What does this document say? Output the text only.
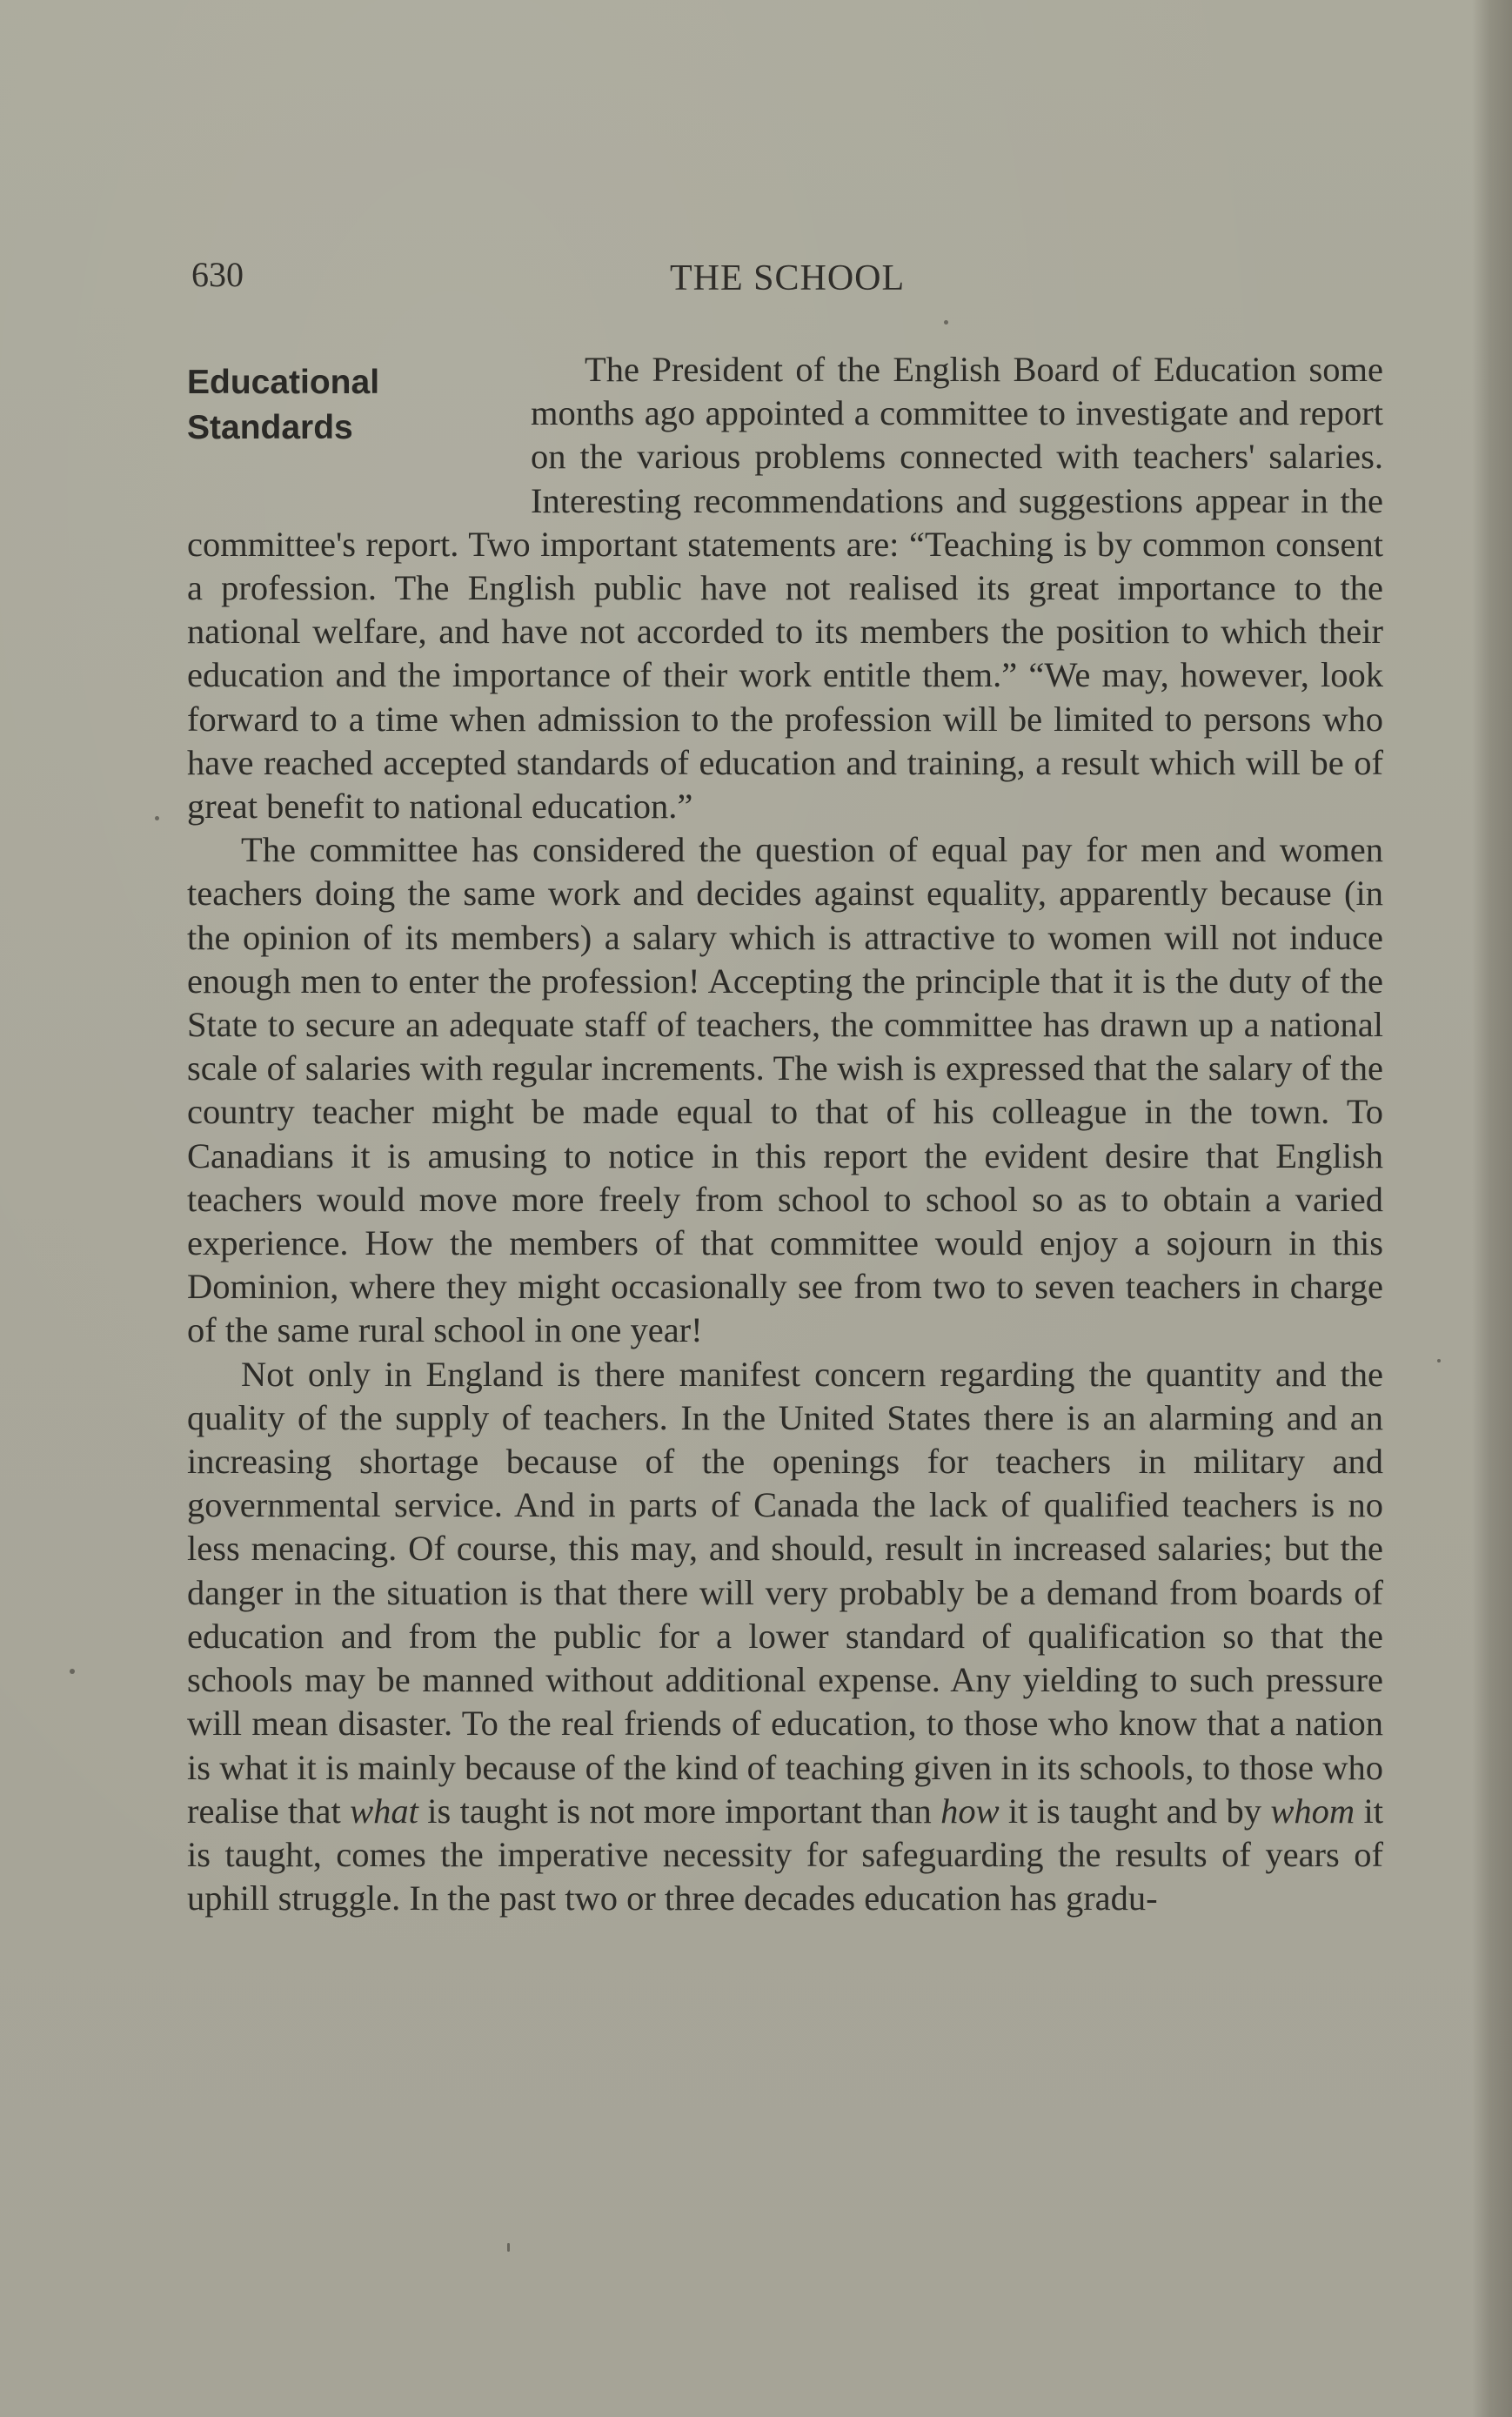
630	THE SCHOOL
Educational
Standards

The President of the English Board of Education some months ago appointed a committee to investigate and report on the various problems connected with teachers' salaries. Interesting recommendations and suggestions appear in the committee's report. Two important statements are: “Teaching is by common consent a profession. The English public have not realised its great importance to the national welfare, and have not accorded to its members the position to which their education and the importance of their work entitle them.” “We may, however, look forward to a time when admission to the profession will be limited to persons who have reached accepted standards of education and training, a result which will be of great benefit to national education.”

The committee has considered the question of equal pay for men and women teachers doing the same work and decides against equality, apparently because (in the opinion of its members) a salary which is attractive to women will not induce enough men to enter the profession! Accepting the principle that it is the duty of the State to secure an adequate staff of teachers, the committee has drawn up a national scale of salaries with regular increments. The wish is expressed that the salary of the country teacher might be made equal to that of his colleague in the town. To Canadians it is amusing to notice in this report the evident desire that English teachers would move more freely from school to school so as to obtain a varied experience. How the members of that committee would enjoy a sojourn in this Dominion, where they might occasionally see from two to seven teachers in charge of the same rural school in one year!

Not only in England is there manifest concern regarding the quantity and the quality of the supply of teachers. In the United States there is an alarming and an increasing shortage because of the openings for teachers in military and governmental service. And in parts of Canada the lack of qualified teachers is no less menacing. Of course, this may, and should, result in increased salaries; but the danger in the situation is that there will very probably be a demand from boards of education and from the public for a lower standard of qualification so that the schools may be manned without additional expense. Any yielding to such pressure will mean disaster. To the real friends of education, to those who know that a nation is what it is mainly because of the kind of teaching given in its schools, to those who realise that what is taught is not more important than how it is taught and by whom it is taught, comes the imperative necessity for safeguarding the results of years of uphill struggle. In the past two or three decades education has gradu-
